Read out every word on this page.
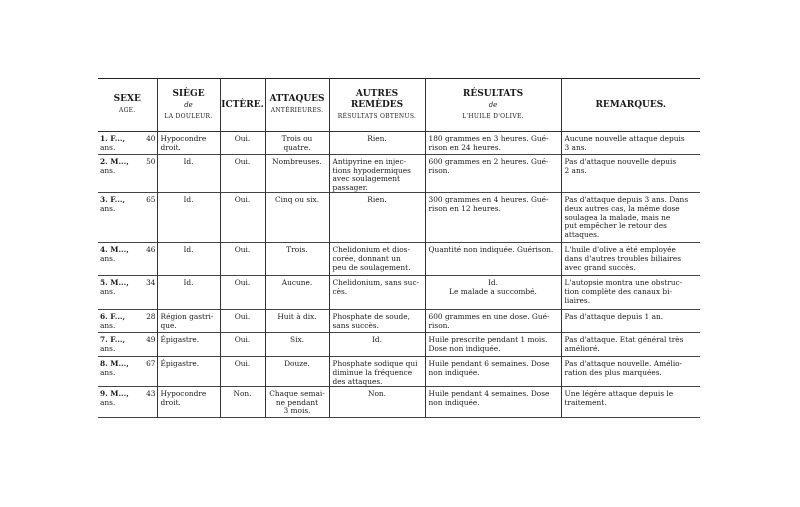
SEXE
AGE.	SIÈGE
de
LA DOULEUR.	ICTÈRE.	ATTAQUES
ANTÉRIEURES.	AUTRES REMÈDES
RÉSULTATS OBTENUS.	RÉSULTATS
de
L'HUILE D'OLIVE.	REMARQUES.
1. F..., 40
ans.	Hypocondre
droit.	Oui.	Trois ou quatre.	Rien.	180 grammes en 3 heures. Gué-
rison en 24 heures.	Aucune nouvelle attaque depuis
3 ans.

2. M..., 50
ans.	Id.	Oui.	Nombreuses.	Antipyrine en injec-
tions hypodermiques
avec soulagement
passager.	600 grammes en 2 heures. Gué-
rison.	Pas d'attaque nouvelle depuis
2 ans.

3. F..., 65
ans.	Id.	Oui.	Cinq ou six.	Rien.	300 grammes en 4 heures. Gué-
rison en 12 heures.	Pas d'attaque depuis 3 ans. Dans
deux autres cas, la même dose
soulagea la malade, mais ne
put empêcher le retour des
attaques.

4. M..., 46
ans.	Id.	Oui.	Trois.	Chelidonium et dios-
corée, donnant un
peu de soulagement.	Quantité non indiquée. Guérison.	L'huile d'olive a été employée
dans d'autres troubles biliaires
avec grand succès.

5. M..., 34
ans.	Id.	Oui.	Aucune.	Chelidonium, sans suc-
cès.	Id.
Le malade a succombé.	L'autopsie montra une obstruc-
tion complète des canaux bi-
liaires.

6. F..., 28
ans.	Région gastri-
que.	Oui.	Huit à dix.	Phosphate de soude,
sans succès.	600 grammes en une dose. Gué-
rison.	Pas d'attaque depuis 1 an.

7. F..., 49
ans.	Épigastre.	Oui.	Six.	Id.	Huile prescrite pendant 1 mois.
Dose non indiquée.	Pas d'attaque. Etat général très
amélioré.

8. M..., 67
ans.	Épigastre.	Oui.	Douze.	Phosphate sodique qui
diminue la fréquence
des attaques.	Huile pendant 6 semaines. Dose
non indiquée.	Pas d'attaque nouvelle. Amélio-
ration des plus marquées.

9. M..., 43
ans.	Hypocondre
droit.	Non.	Chaque semai-
ne pendant
3 mois.	Non.	Huile pendant 4 semaines. Dose
non indiquée.	Une légère attaque depuis le
traitement.
